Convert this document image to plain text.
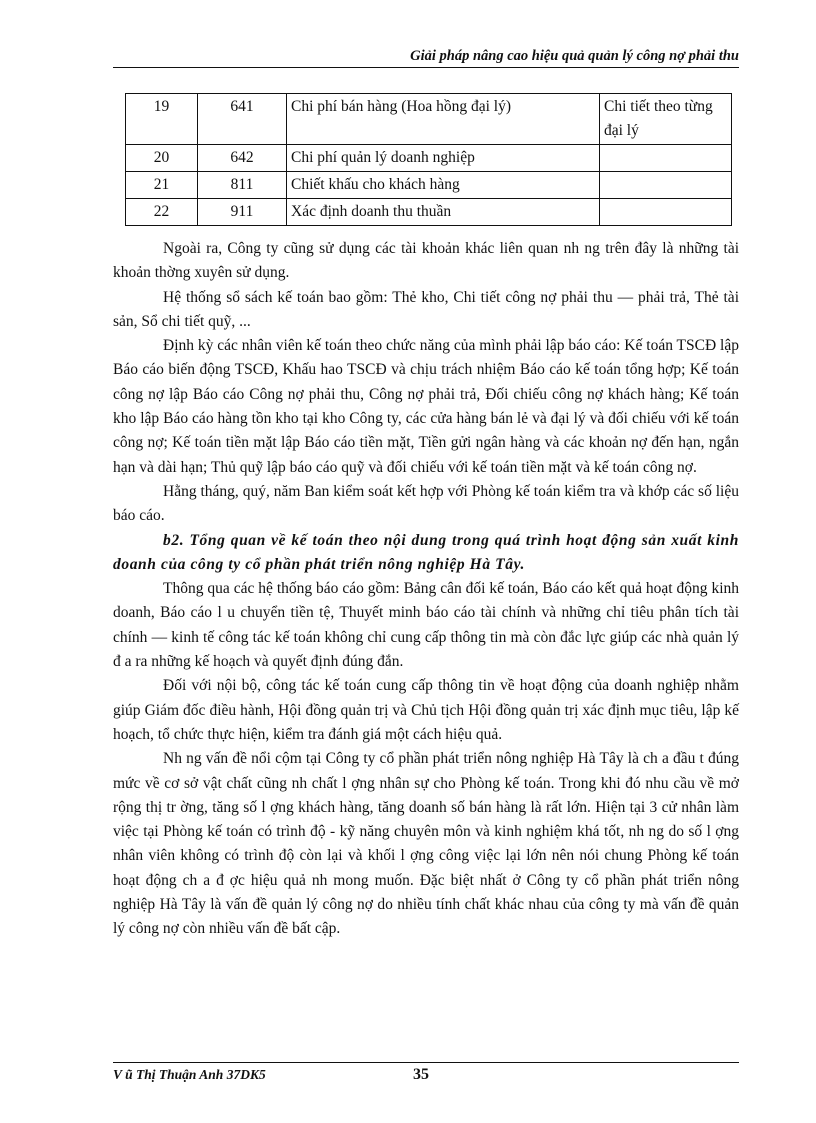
Giải pháp nâng cao hiệu quả quản lý công nợ phải thu
19	641	Chi phí bán hàng (Hoa hồng đại lý)	Chi tiết theo từng đại lý
20	642	Chi phí quản lý doanh nghiệp	
21	811	Chiết khấu cho khách hàng	
22	911	Xác định doanh thu thuần	

Ngoài ra, Công ty cũng sử dụng các tài khoản khác liên quan nh ng trên đây là những tài khoản thờng xuyên sử dụng.

Hệ thống sổ sách kế toán bao gồm: Thẻ kho, Chi tiết công nợ phải thu — phải trả, Thẻ tài sản, Sổ chi tiết quỹ, ...

Định kỳ các nhân viên kế toán theo chức năng của mình phải lập báo cáo: Kế toán TSCĐ lập Báo cáo biến động TSCĐ, Khấu hao TSCĐ và chịu trách nhiệm Báo cáo kế toán tổng hợp; Kế toán công nợ lập Báo cáo Công nợ phải thu, Công nợ phải trả, Đối chiếu công nợ khách hàng; Kế toán kho lập Báo cáo hàng tồn kho tại kho Công ty, các cửa hàng bán lẻ và đại lý và đối chiếu với kế toán công nợ; Kế toán tiền mặt lập Báo cáo tiền mặt, Tiền gửi ngân hàng và các khoản nợ đến hạn, ngắn hạn và dài hạn; Thủ quỹ lập báo cáo quỹ và đối chiếu với kế toán tiền mặt và kế toán công nợ.

Hằng tháng, quý, năm Ban kiểm soát kết hợp với Phòng kế toán kiểm tra và khớp các số liệu báo cáo.

b2. Tổng quan về kế toán theo nội dung trong quá trình hoạt động sản xuất kinh doanh của công ty cổ phần phát triển nông nghiệp Hà Tây.

Thông qua các hệ thống báo cáo gồm: Bảng cân đối kế toán, Báo cáo kết quả hoạt động kinh doanh, Báo cáo l u chuyển tiền tệ, Thuyết minh báo cáo tài chính và những chỉ tiêu phân tích tài chính — kinh tế công tác kế toán không chỉ cung cấp thông tin mà còn đắc lực giúp các nhà quản lý đ a ra những kế hoạch và quyết định đúng đắn.

Đối với nội bộ, công tác kế toán cung cấp thông tin về hoạt động của doanh nghiệp nhằm giúp Giám đốc điều hành, Hội đồng quản trị và Chủ tịch Hội đồng quản trị xác định mục tiêu, lập kế hoạch, tổ chức thực hiện, kiểm tra đánh giá một cách hiệu quả.

Nh ng vấn đề nổi cộm tại Công ty cổ phần phát triển nông nghiệp Hà Tây là ch a đầu t đúng mức về cơ sở vật chất cũng nh chất l ợng nhân sự cho Phòng kế toán. Trong khi đó nhu cầu về mở rộng thị tr ờng, tăng số l ợng khách hàng, tăng doanh số bán hàng là rất lớn. Hiện tại 3 cử nhân làm việc tại Phòng kế toán có trình độ - kỹ năng chuyên môn và kinh nghiệm khá tốt, nh ng do số l ợng nhân viên không có trình độ còn lại và khối l ợng công việc lại lớn nên nói chung Phòng kế toán hoạt động ch a đ ợc hiệu quả nh mong muốn. Đặc biệt nhất ở Công ty cổ phần phát triển nông nghiệp Hà Tây là vấn đề quản lý công nợ do nhiều tính chất khác nhau của công ty mà vấn đề quản lý công nợ còn nhiều vấn đề bất cập.

V ũ Thị Thuận Anh 37DK5	35
